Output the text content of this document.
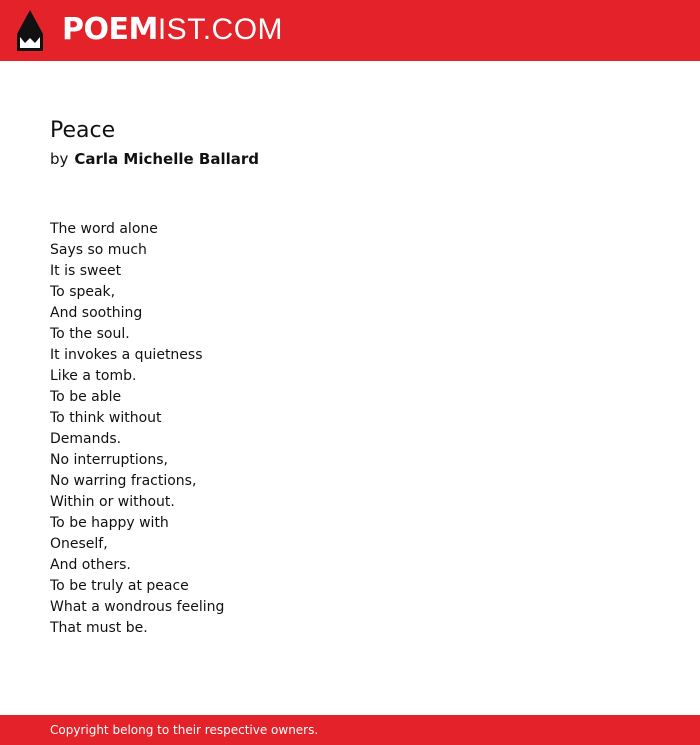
POEMIST.COM
Peace
by Carla Michelle Ballard
The word alone
Says so much
It is sweet
To speak,
And soothing
To the soul.
It invokes a quietness
Like a tomb.
To be able
To think without
Demands.
No interruptions,
No warring fractions,
Within or without.
To be happy with
Oneself,
And others.
To be truly at peace
What a wondrous feeling
That must be.
Copyright belong to their respective owners.
